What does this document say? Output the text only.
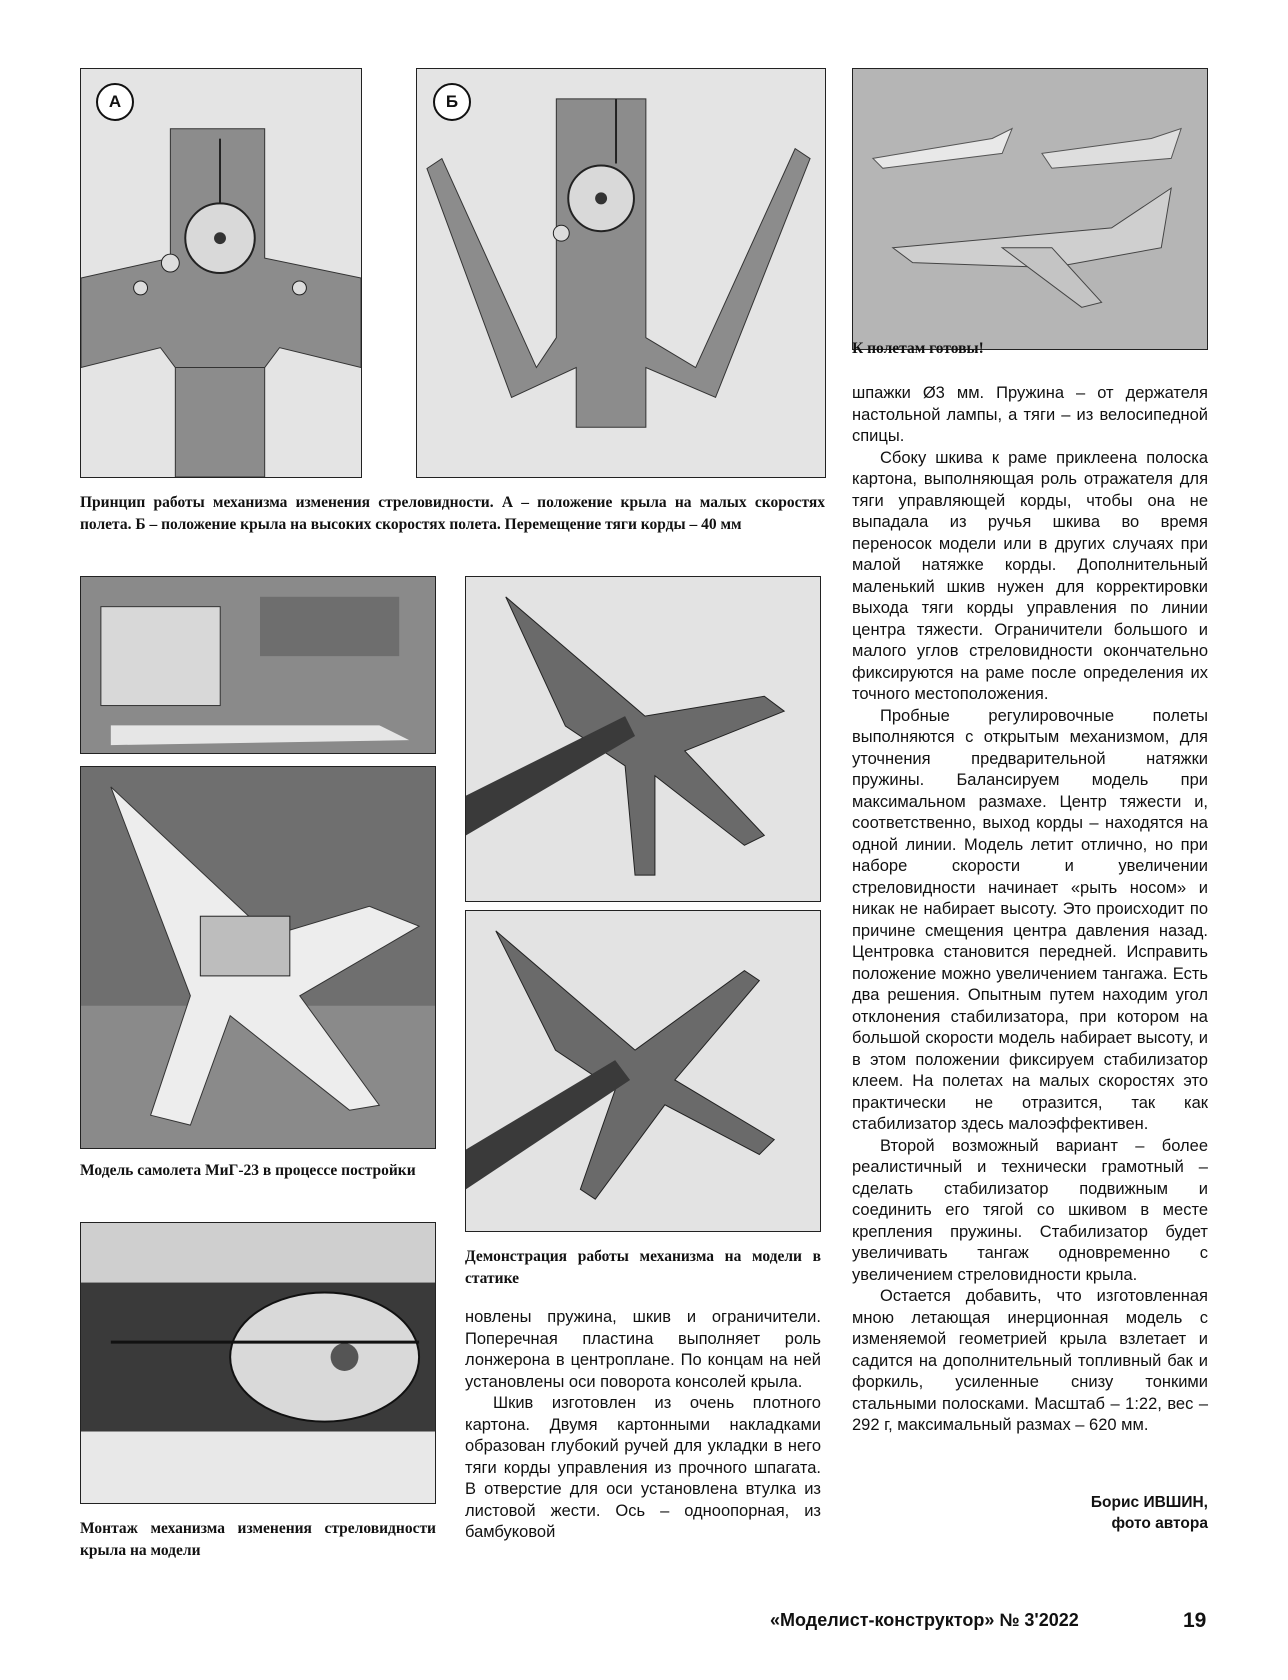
А	Б
К полетам готовы!
Принцип работы механизма изменения стреловидности. А – положение крыла на малых скоростях полета. Б – положение крыла на высоких скоростях полета. Перемещение тяги корды – 40 мм
Модель самолета МиГ-23 в процессе постройки
Монтаж механизма изменения стреловидности крыла на модели
Демонстрация работы механизма на модели в статике

новлены пружина, шкив и ограничители. Поперечная пластина выполняет роль лонжерона в центроплане. По концам на ней установлены оси поворота консолей крыла.

Шкив изготовлен из очень плотного картона. Двумя картонными накладками образован глубокий ручей для укладки в него тяги корды управления из прочного шпагата. В отверстие для оси установлена втулка из листовой жести. Ось – одноопорная, из бамбуковой

шпажки Ø3 мм. Пружина – от держателя настольной лампы, а тяги – из велосипедной спицы.

Сбоку шкива к раме приклеена полоска картона, выполняющая роль отражателя для тяги управляющей корды, чтобы она не выпадала из ручья шкива во время переносок модели или в других случаях при малой натяжке корды. Дополнительный маленький шкив нужен для корректировки выхода тяги корды управления по линии центра тяжести. Ограничители большого и малого углов стреловидности окончательно фиксируются на раме после определения их точного местоположения.

Пробные регулировочные полеты выполняются с открытым механизмом, для уточнения предварительной натяжки пружины. Балансируем модель при максимальном размахе. Центр тяжести и, соответственно, выход корды – находятся на одной линии. Модель летит отлично, но при наборе скорости и увеличении стреловидности начинает «рыть носом» и никак не набирает высоту. Это происходит по причине смещения центра давления назад. Центровка становится передней. Исправить положение можно увеличением тангажа. Есть два решения. Опытным путем находим угол отклонения стабилизатора, при котором на большой скорости модель набирает высоту, и в этом положении фиксируем стабилизатор клеем. На полетах на малых скоростях это практически не отразится, так как стабилизатор здесь малоэффективен.

Второй возможный вариант – более реалистичный и технически грамотный – сделать стабилизатор подвижным и соединить его тягой со шкивом в месте крепления пружины. Стабилизатор будет увеличивать тангаж одновременно с увеличением стреловидности крыла.

Остается добавить, что изготовленная мною летающая инерционная модель с изменяемой геометрией крыла взлетает и садится на дополнительный топливный бак и форкиль, усиленные снизу тонкими стальными полосками. Масштаб – 1:22, вес – 292 г, максимальный размах – 620 мм.

Борис ИВШИН,
фото автора
«Моделист-конструктор» № 3'2022	19
